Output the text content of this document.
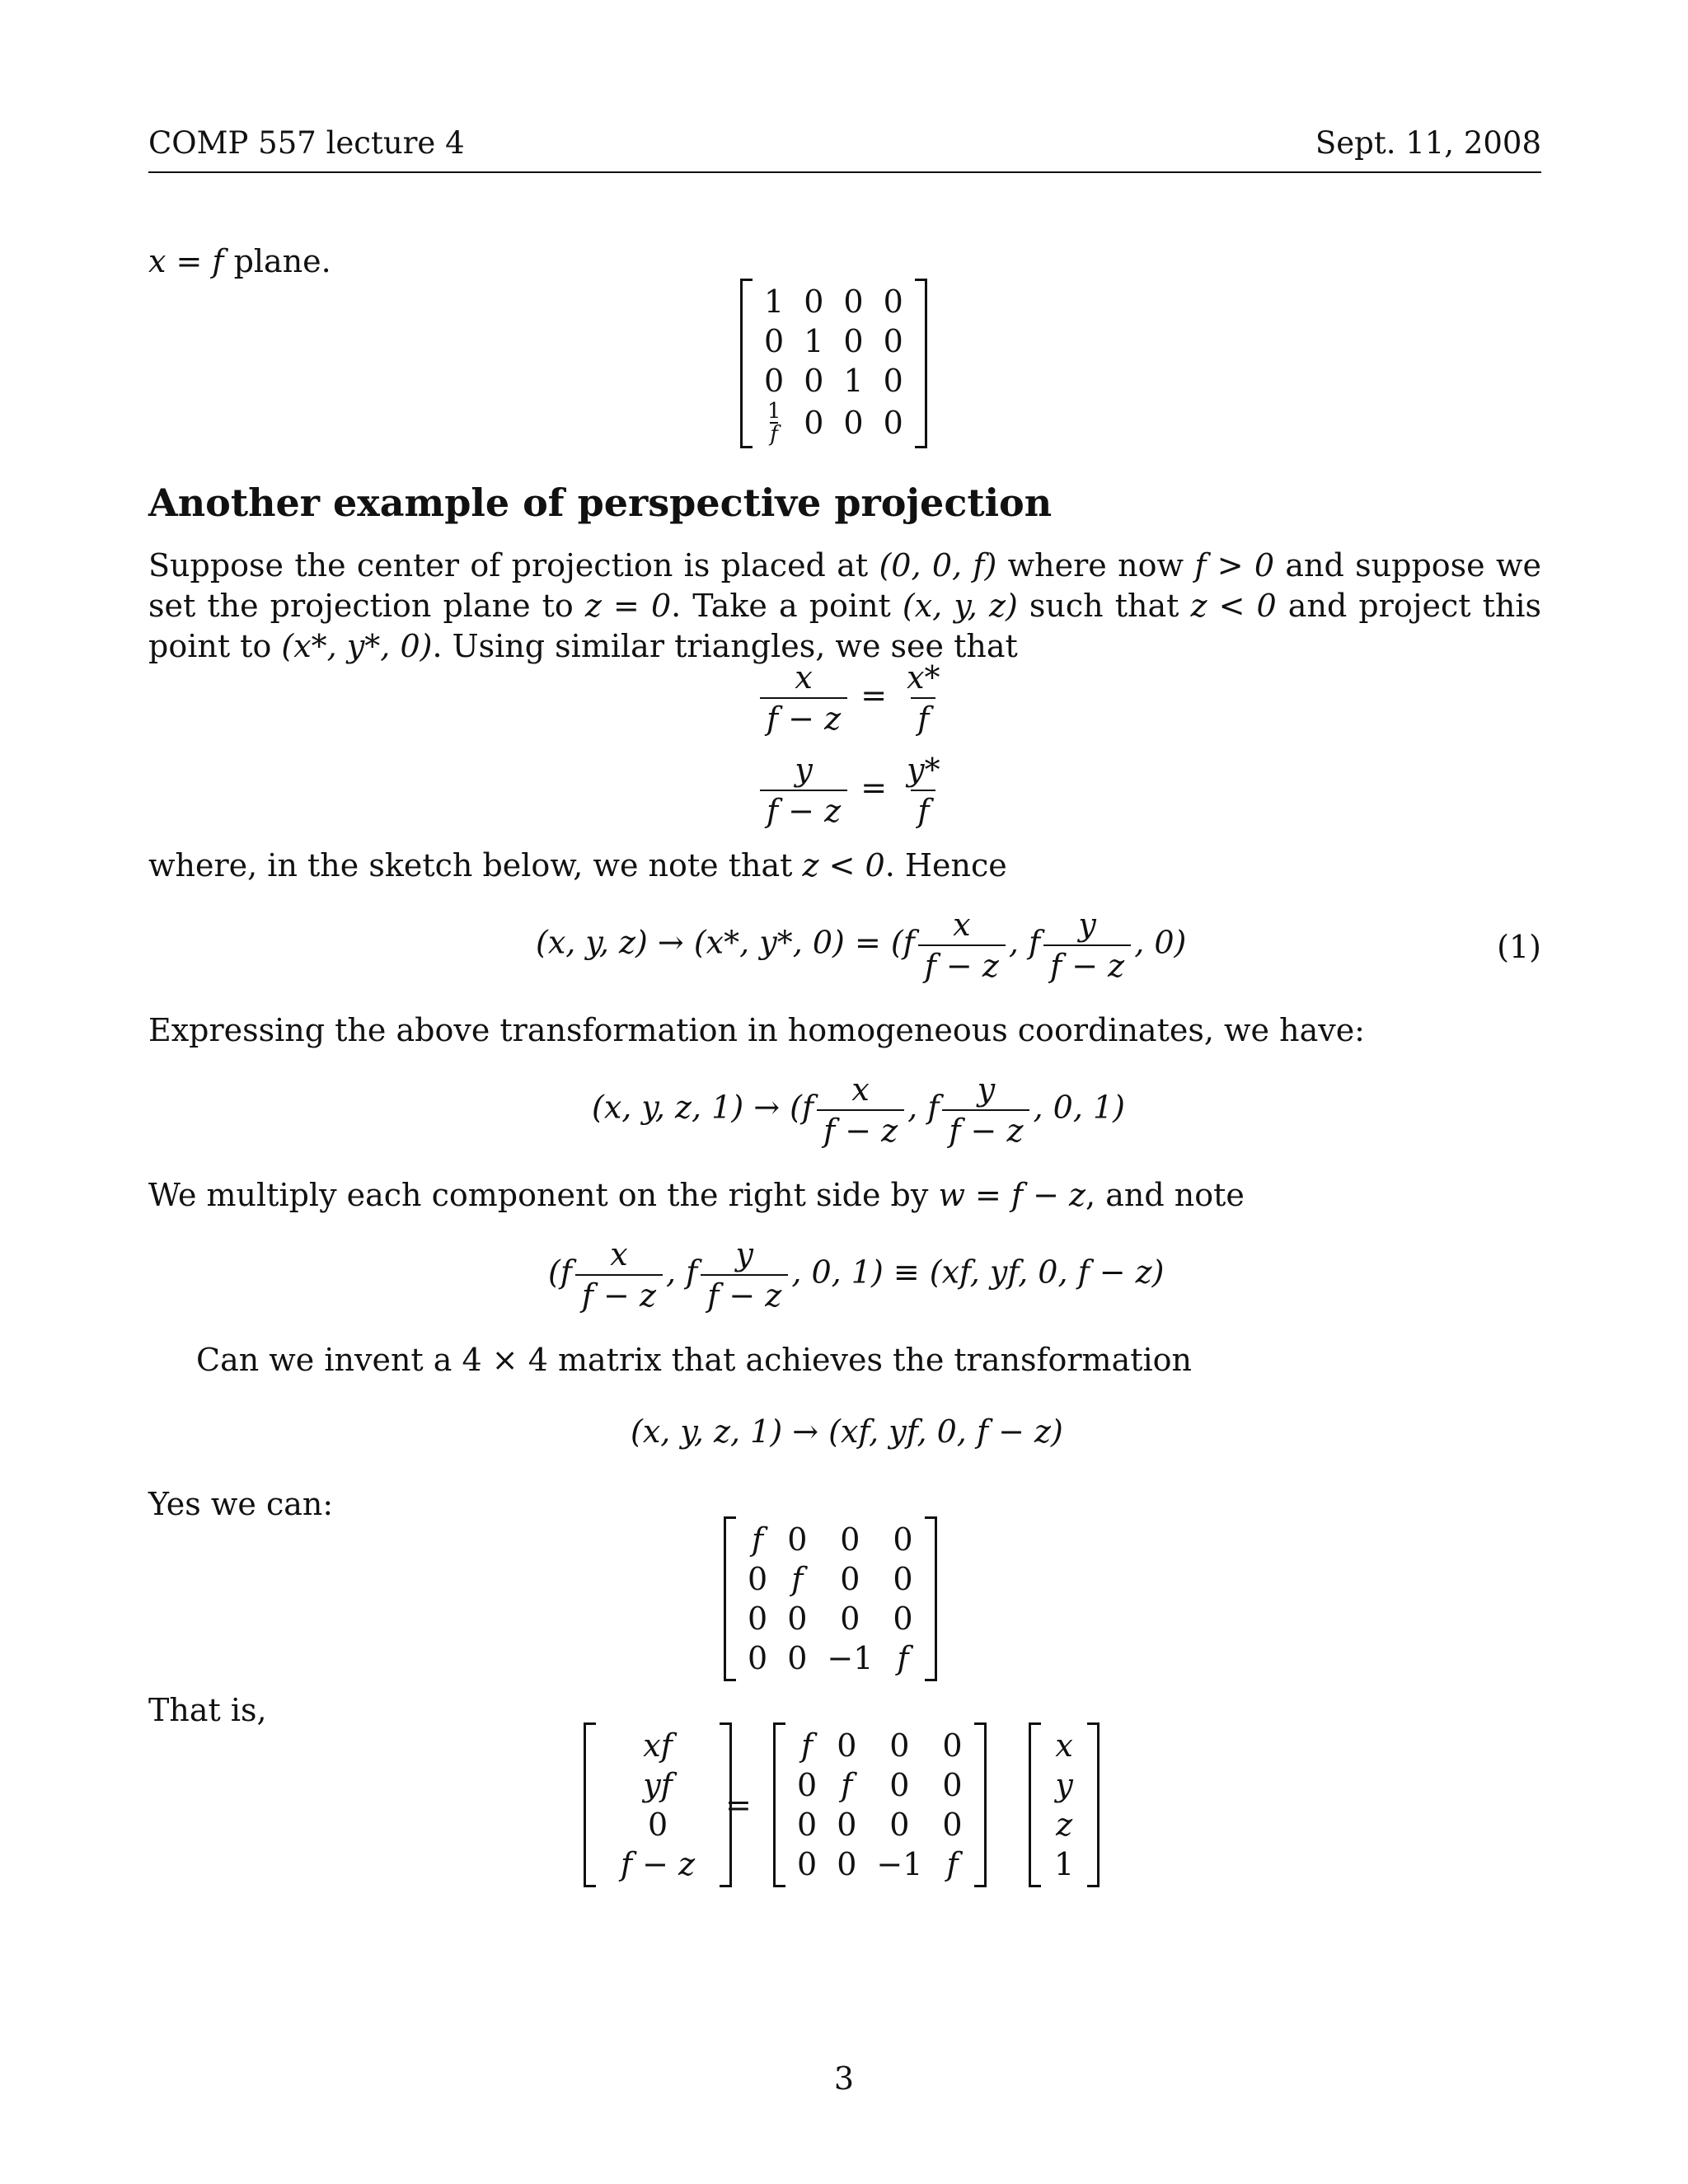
COMP 557 lecture 4	Sept. 11, 2008
x = f plane.
1	0	0	0
0	1	0	0
0	0	1	0

$\frac{1}{f}$	0	0	0
Another example of perspective projection
Suppose the center of projection is placed at (0, 0, f) where now f > 0 and suppose we set the projection plane to z = 0. Take a point (x, y, z) such that z < 0 and project this point to (x*, y*, 0). Using similar triangles, we see that
$\frac{x}{f - z} = \frac{x*}{f}$
$\frac{y}{f - z} = \frac{y*}{f}$
where, in the sketch below, we note that z < 0. Hence
(x, y, z) → (x*, y*, $0) = (f \frac{x}{f - z}$ , f $\frac{y}{f - z}$ , 0)	(1)
Expressing the above transformation in homogeneous coordinates, we have:
(x, y, z, $1) \to (f \frac{x}{f - z}$ , f $\frac{y}{f - z}$ , 0, 1)
We multiply each component on the right side by w = f − z, and note
($f \frac{x}{f - z}$ , f $\frac{y}{f - z}$ , 0, 1) ≡ (xf, yf, 0, f − z)
Can we invent a 4 × 4 matrix that achieves the transformation
(x, y, z, 1) → (xf, yf, 0, f − z)
Yes we can:
f	0	0	0
0	f	0	0
0	0	0	0
0	0	−1	f
That is,
xf
yf
0
f − z
=
f	0	0	0
0	f	0	0
0	0	0	0
0	0	−1	f
x
y
z
1
3
